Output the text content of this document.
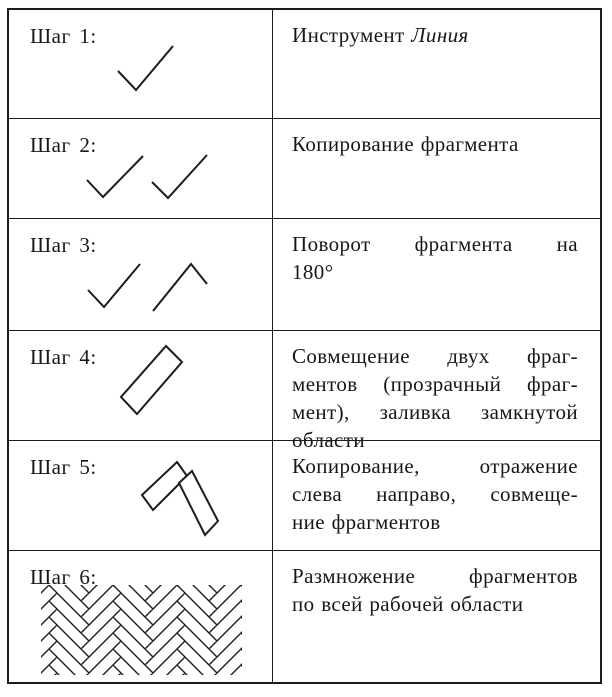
Шаг 1:	Инструмент Линия
Шаг 2:	Копирование фрагмента
Шаг 3:	Поворот фрагмента на
180°
Шаг 4:	Совмещение двух фраг-
ментов (прозрачный фраг-
мент), заливка замкнутой
области
Шаг 5:	Копирование, отражение
слева направо, совмеще-
ние фрагментов
Шаг 6:	Размножение фрагментов
по всей рабочей области
